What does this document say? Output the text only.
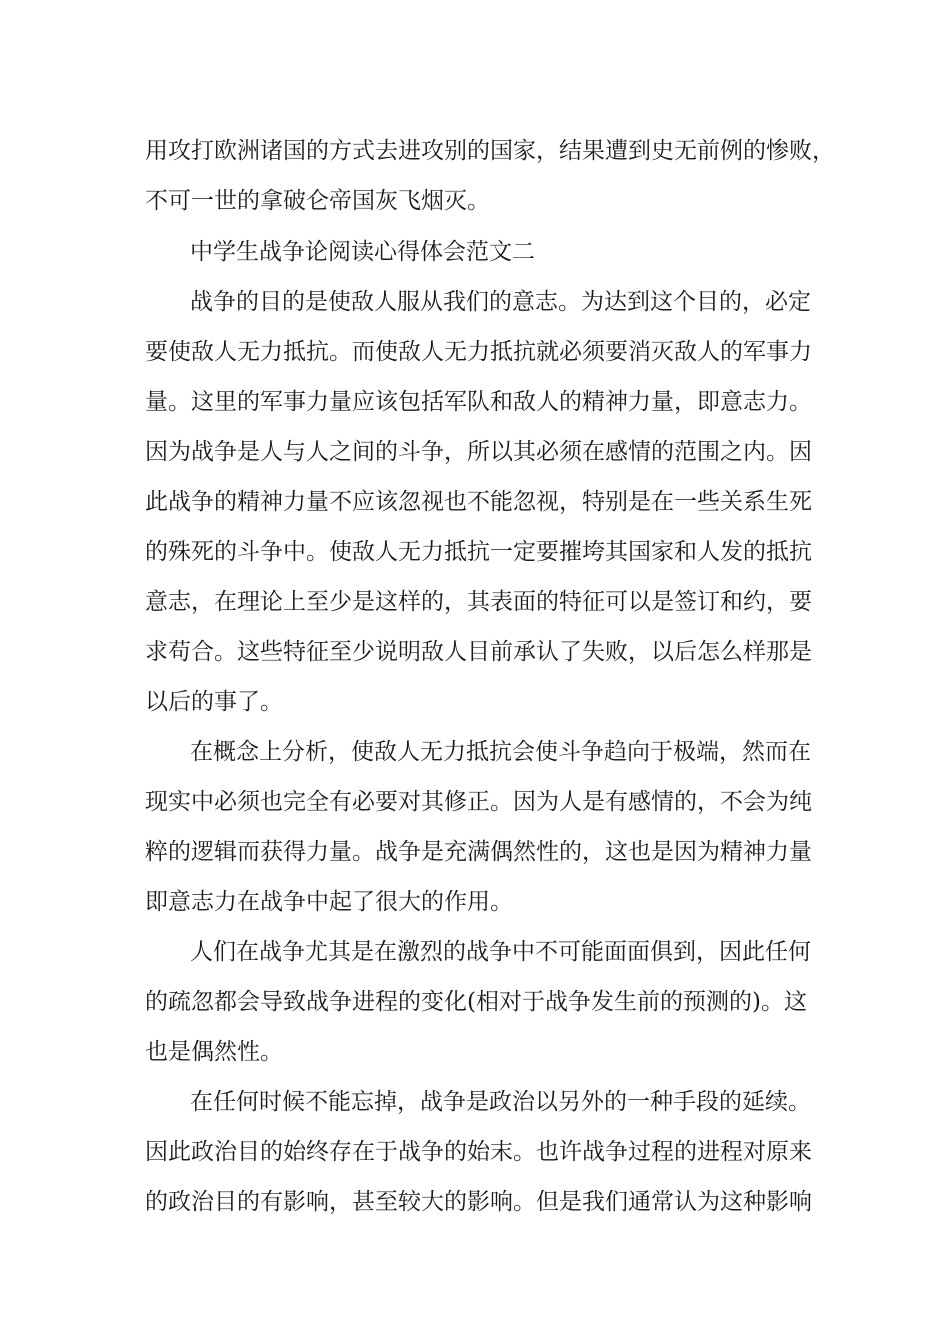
用攻打欧洲诸国的方式去进攻别的国家，结果遭到史无前例的惨败，
不可一世的拿破仑帝国灰飞烟灭。
中学生战争论阅读心得体会范文二
战争的目的是使敌人服从我们的意志。为达到这个目的，必定
要使敌人无力抵抗。而使敌人无力抵抗就必须要消灭敌人的军事力
量。这里的军事力量应该包括军队和敌人的精神力量，即意志力。
因为战争是人与人之间的斗争，所以其必须在感情的范围之内。因
此战争的精神力量不应该忽视也不能忽视，特别是在一些关系生死
的殊死的斗争中。使敌人无力抵抗一定要摧垮其国家和人发的抵抗
意志，在理论上至少是这样的，其表面的特征可以是签订和约，要
求苟合。这些特征至少说明敌人目前承认了失败，以后怎么样那是
以后的事了。
在概念上分析，使敌人无力抵抗会使斗争趋向于极端，然而在
现实中必须也完全有必要对其修正。因为人是有感情的，不会为纯
粹的逻辑而获得力量。战争是充满偶然性的，这也是因为精神力量
即意志力在战争中起了很大的作用。
人们在战争尤其是在激烈的战争中不可能面面俱到，因此任何
的疏忽都会导致战争进程的变化(相对于战争发生前的预测的)。这
也是偶然性。
在任何时候不能忘掉，战争是政治以另外的一种手段的延续。
因此政治目的始终存在于战争的始末。也许战争过程的进程对原来
的政治目的有影响，甚至较大的影响。但是我们通常认为这种影响
